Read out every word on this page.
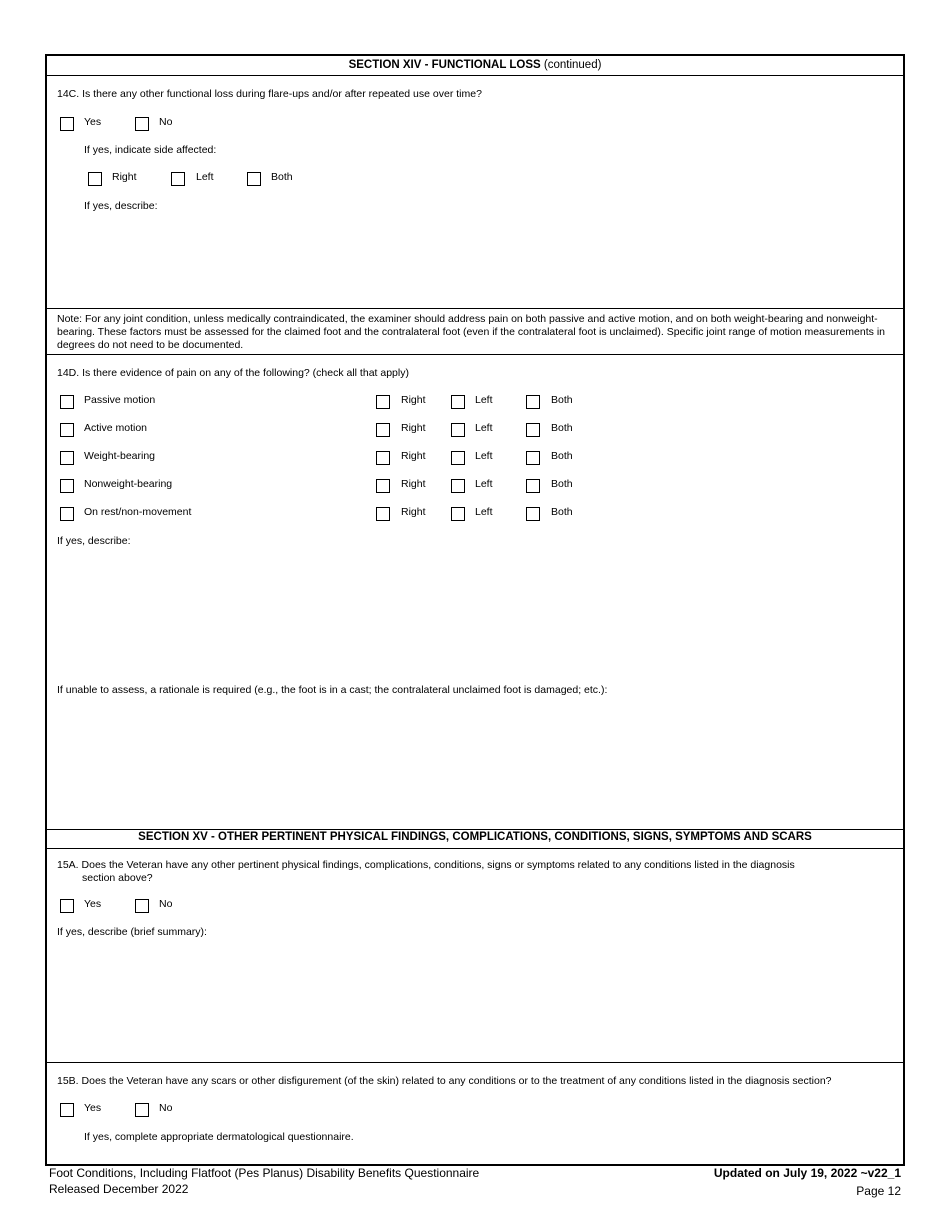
SECTION XIV - FUNCTIONAL LOSS (continued)
14C. Is there any other functional loss during flare-ups and/or after repeated use over time?
Yes	No
If yes, indicate side affected:
Right	Left	Both
If yes, describe:
Note: For any joint condition, unless medically contraindicated, the examiner should address pain on both passive and active motion, and on both weight-bearing and nonweight-bearing. These factors must be assessed for the claimed foot and the contralateral foot (even if the contralateral foot is unclaimed). Specific joint range of motion measurements in degrees do not need to be documented.
14D. Is there evidence of pain on any of the following? (check all that apply)
Passive motion	Right	Left	Both
Active motion	Right	Left	Both
Weight-bearing	Right	Left	Both
Nonweight-bearing	Right	Left	Both
On rest/non-movement	Right	Left	Both
If yes, describe:
If unable to assess, a rationale is required (e.g., the foot is in a cast; the contralateral unclaimed foot is damaged; etc.):
SECTION XV - OTHER PERTINENT PHYSICAL FINDINGS, COMPLICATIONS, CONDITIONS, SIGNS, SYMPTOMS AND SCARS
15A. Does the Veteran have any other pertinent physical findings, complications, conditions, signs or symptoms related to any conditions listed in the diagnosis
section above?
Yes	No
If yes, describe (brief summary):
15B. Does the Veteran have any scars or other disfigurement (of the skin) related to any conditions or to the treatment of any conditions listed in the diagnosis section?
Yes	No
If yes, complete appropriate dermatological questionnaire.
Foot Conditions, Including Flatfoot (Pes Planus) Disability Benefits Questionnaire
Released December 2022
Updated on July 19, 2022 ~v22_1
Page 12
